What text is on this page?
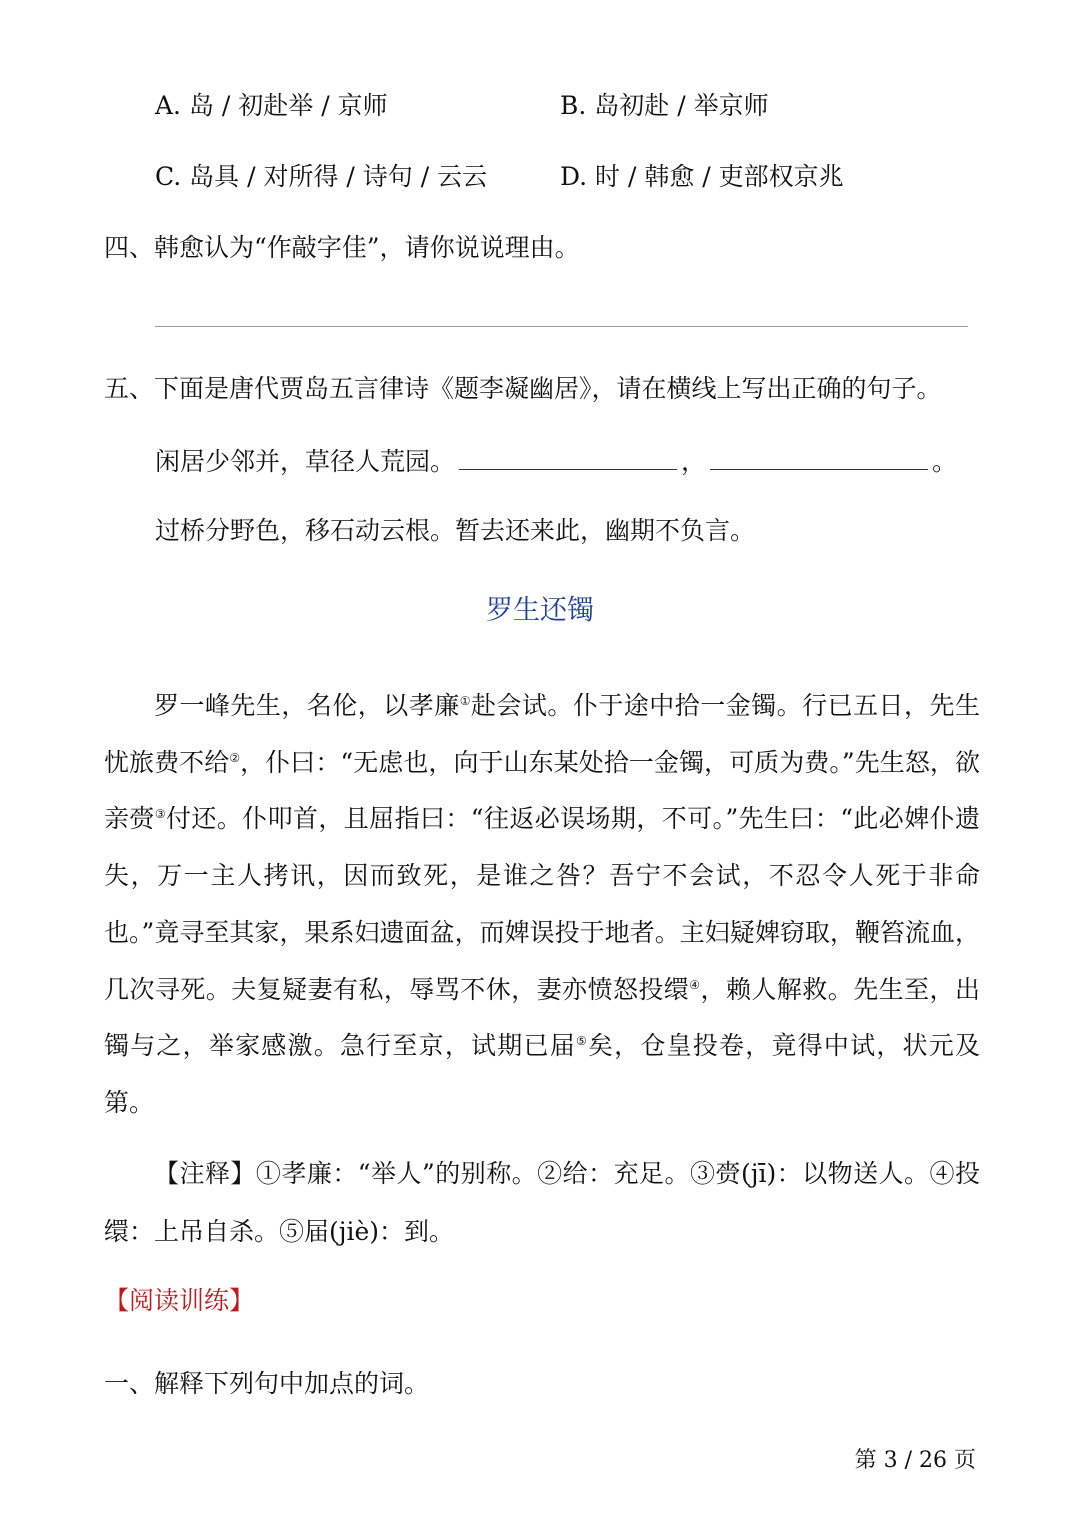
A. 岛 / 初赴举 / 京师	B. 岛初赴 / 举京师
C. 岛具 / 对所得 / 诗句 / 云云	D. 时 / 韩愈 / 吏部权京兆
四、韩愈认为“作敲字佳”，请你说说理由。
五、下面是唐代贾岛五言律诗《题李凝幽居》，请在横线上写出正确的句子。
闲居少邻并，草径人荒园。	，	。
过桥分野色，移石动云根。暂去还来此，幽期不负言。
罗生还镯

罗一峰先生，名伦，以孝廉①赴会试。仆于途中拾一金镯。行已五日，先生忧旅费不给②，仆曰：“无虑也，向于山东某处拾一金镯，可质为费。”先生怒，欲亲赍③付还。仆叩首，且屈指曰：“往返必误场期，不可。”先生曰：“此必婢仆遗失，万一主人拷讯，因而致死，是谁之咎？吾宁不会试，不忍令人死于非命也。”竟寻至其家，果系妇遗面盆，而婢误投于地者。主妇疑婢窃取，鞭笞流血，几次寻死。夫复疑妻有私，辱骂不休，妻亦愤怒投缳④，赖人解救。先生至，出镯与之，举家感激。急行至京，试期已届⑤矣，仓皇投卷，竟得中试，状元及第。

【注释】①孝廉：“举人”的别称。②给：充足。③赍(jī)：以物送人。④投缳：上吊自杀。⑤届(jiè)：到。

【阅读训练】
一、解释下列句中加点的词。
第 3 / 26 页
